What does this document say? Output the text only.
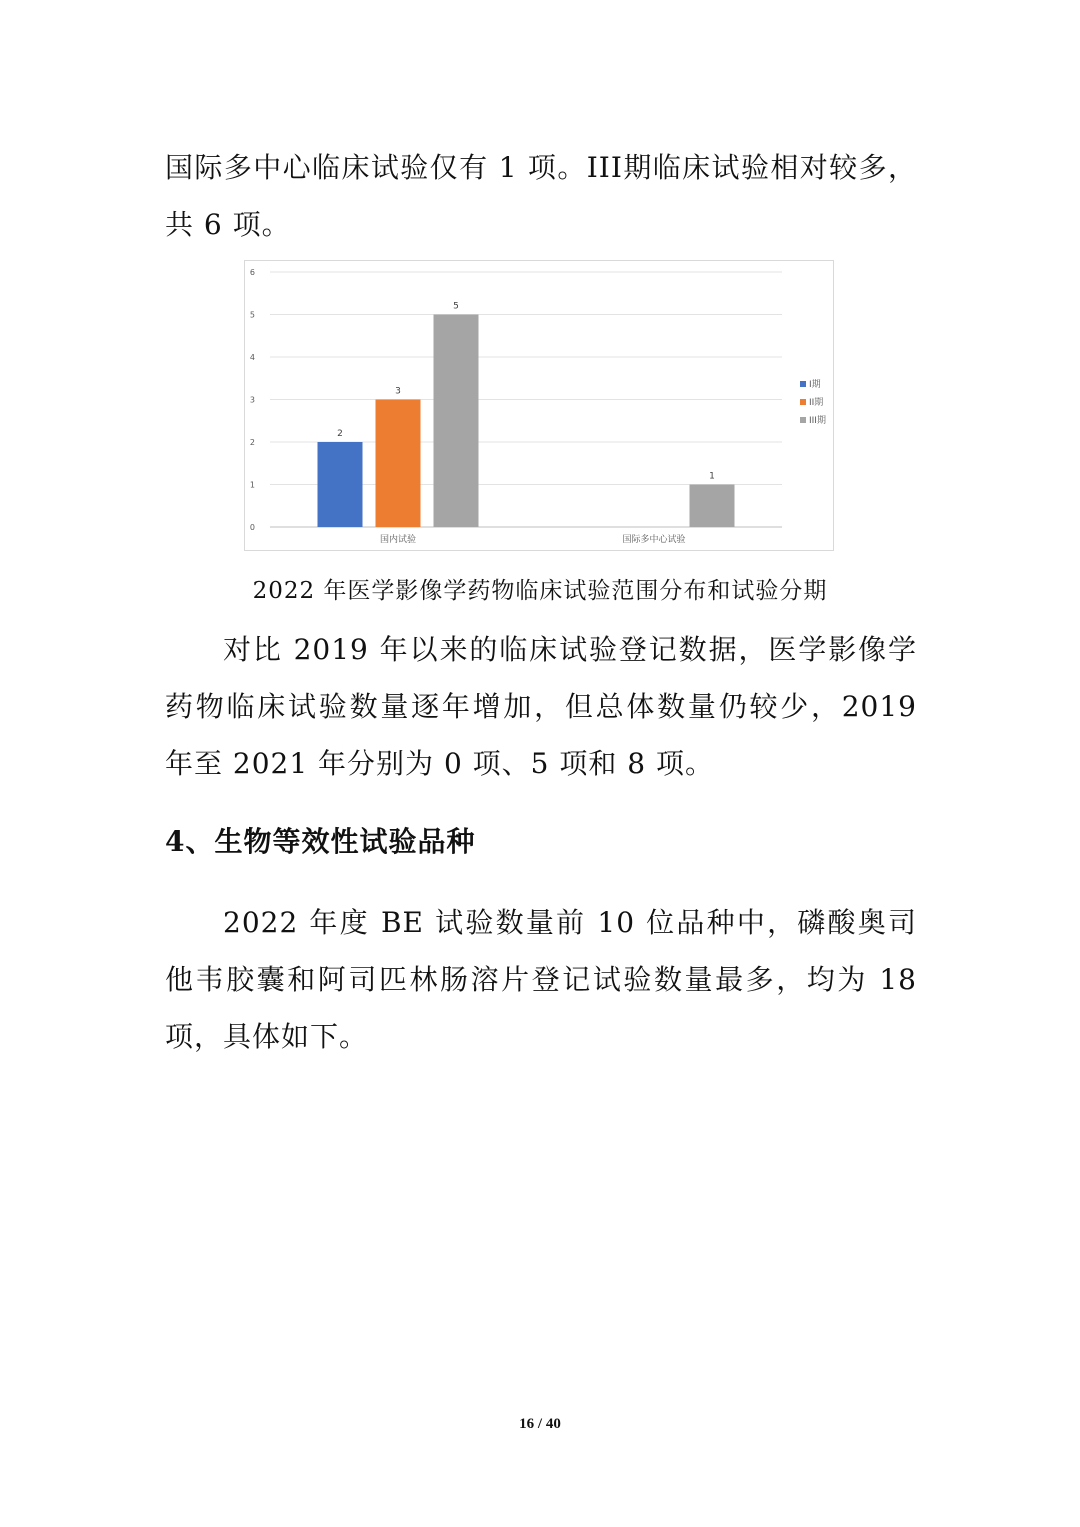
国际多中心临床试验仅有 1 项。III期临床试验相对较多，共 6 项。

0
1
2
3
4
5
6
2
3
5
1
国内试验	国际多中心试验
I期
II期
III期

2022 年医学影像学药物临床试验范围分布和试验分期

对比 2019 年以来的临床试验登记数据，医学影像学药物临床试验数量逐年增加，但总体数量仍较少，2019 年至 2021 年分别为 0 项、5 项和 8 项。

4、生物等效性试验品种

2022 年度 BE 试验数量前 10 位品种中，磷酸奥司他韦胶囊和阿司匹林肠溶片登记试验数量最多，均为 18 项，具体如下。

16 / 40
